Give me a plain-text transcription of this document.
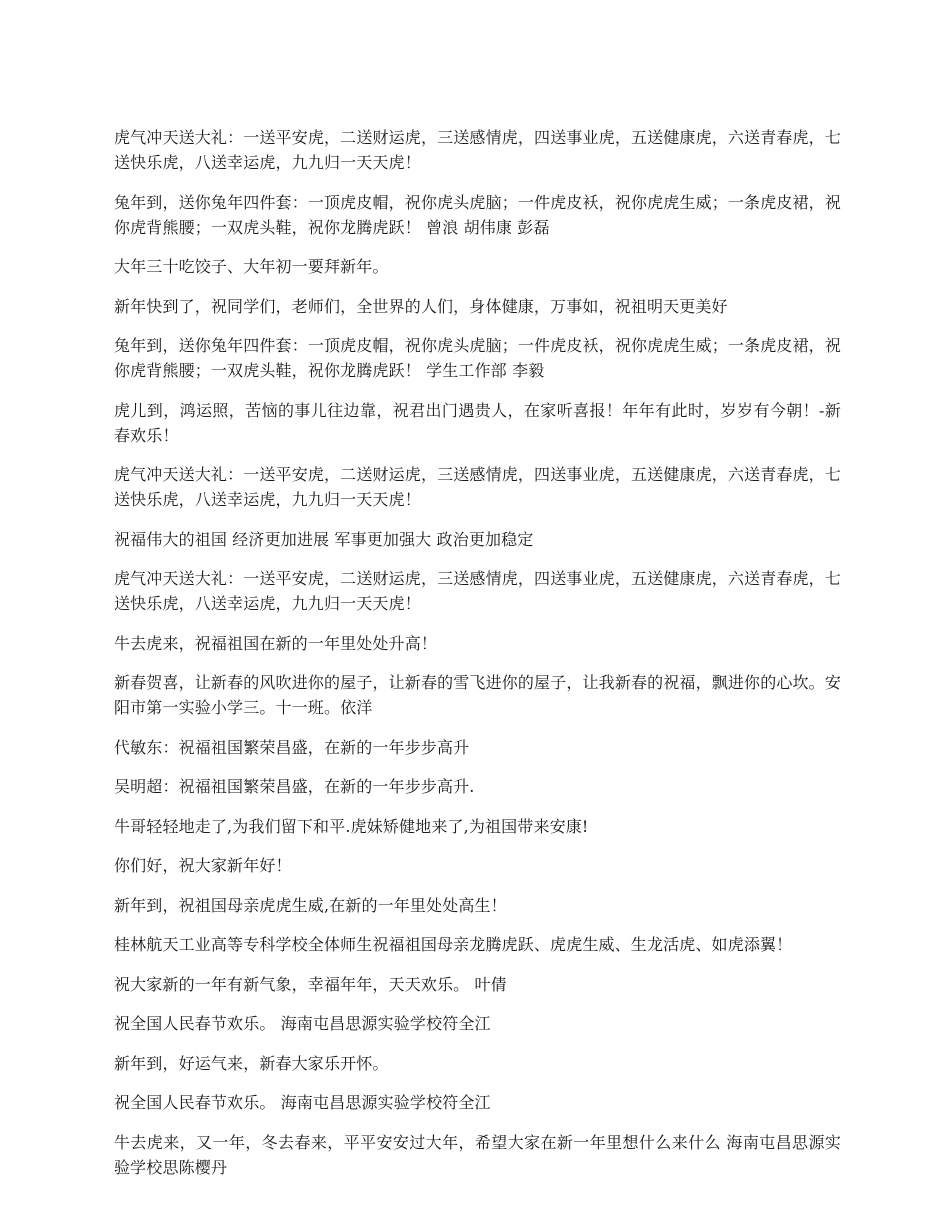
虎气冲天送大礼：一送平安虎，二送财运虎，三送感情虎，四送事业虎，五送健康虎，六送青春虎，七送快乐虎，八送幸运虎，九九归一天天虎！

兔年到，送你兔年四件套：一顶虎皮帽，祝你虎头虎脑；一件虎皮袄，祝你虎虎生威；一条虎皮裙，祝你虎背熊腰；一双虎头鞋，祝你龙腾虎跃！ 曾浪 胡伟康 彭磊

大年三十吃饺子、大年初一要拜新年。

新年快到了，祝同学们，老师们，全世界的人们，身体健康，万事如，祝祖明天更美好

兔年到，送你兔年四件套：一顶虎皮帽，祝你虎头虎脑；一件虎皮袄，祝你虎虎生威；一条虎皮裙，祝你虎背熊腰；一双虎头鞋，祝你龙腾虎跃！ 学生工作部 李毅

虎儿到，鸿运照，苦恼的事儿往边靠，祝君出门遇贵人，在家听喜报！年年有此时，岁岁有今朝！-新春欢乐！

虎气冲天送大礼：一送平安虎，二送财运虎，三送感情虎，四送事业虎，五送健康虎，六送青春虎，七送快乐虎，八送幸运虎，九九归一天天虎！

祝福伟大的祖国 经济更加进展 军事更加强大 政治更加稳定

虎气冲天送大礼：一送平安虎，二送财运虎，三送感情虎，四送事业虎，五送健康虎，六送青春虎，七送快乐虎，八送幸运虎，九九归一天天虎！

牛去虎来，祝福祖国在新的一年里处处升高！

新春贺喜，让新春的风吹进你的屋子，让新春的雪飞进你的屋子，让我新春的祝福，飘进你的心坎。安阳市第一实验小学三。十一班。依洋

代敏东：祝福祖国繁荣昌盛，在新的一年步步高升

吴明超：祝福祖国繁荣昌盛，在新的一年步步高升.

牛哥轻轻地走了,为我们留下和平.虎妹矫健地来了,为祖国带来安康!

你们好，祝大家新年好！

新年到，祝祖国母亲虎虎生威,在新的一年里处处高生！

桂林航天工业高等专科学校全体师生祝福祖国母亲龙腾虎跃、虎虎生威、生龙活虎、如虎添翼！

祝大家新的一年有新气象，幸福年年，天天欢乐。 叶倩

祝全国人民春节欢乐。 海南屯昌思源实验学校符全江

新年到，好运气来，新春大家乐开怀。

祝全国人民春节欢乐。 海南屯昌思源实验学校符全江

牛去虎来，又一年，冬去春来，平平安安过大年，希望大家在新一年里想什么来什么 海南屯昌思源实验学校思陈樱丹
